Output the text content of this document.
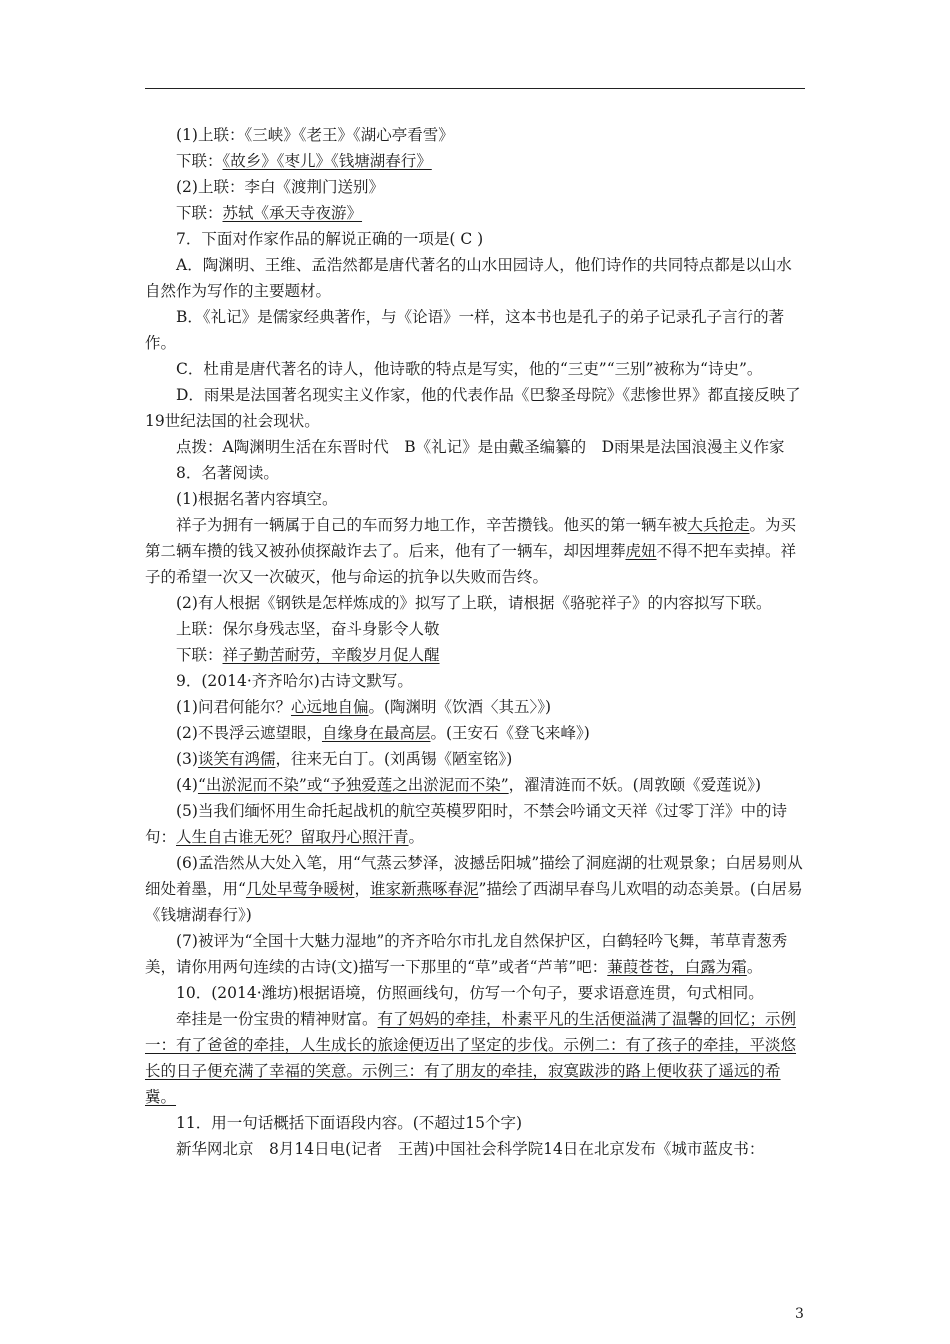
(1)上联：《三峡》《老王》《湖心亭看雪》

下联：《故乡》《枣儿》《钱塘湖春行》

(2)上联：李白《渡荆门送别》

下联：苏轼《承天寺夜游》

7．下面对作家作品的解说正确的一项是( C )

A．陶渊明、王维、孟浩然都是唐代著名的山水田园诗人，他们诗作的共同特点都是以山水自然作为写作的主要题材。

B．《礼记》是儒家经典著作，与《论语》一样，这本书也是孔子的弟子记录孔子言行的著作。

C．杜甫是唐代著名的诗人，他诗歌的特点是写实，他的“三吏”“三别”被称为“诗史”。

D．雨果是法国著名现实主义作家，他的代表作品《巴黎圣母院》《悲惨世界》都直接反映了19世纪法国的社会现状。

点拨：A陶渊明生活在东晋时代　B《礼记》是由戴圣编纂的　D雨果是法国浪漫主义作家

8．名著阅读。

(1)根据名著内容填空。

祥子为拥有一辆属于自己的车而努力地工作，辛苦攒钱。他买的第一辆车被大兵抢走。为买第二辆车攒的钱又被孙侦探敲诈去了。后来，他有了一辆车，却因埋葬虎妞不得不把车卖掉。祥子的希望一次又一次破灭，他与命运的抗争以失败而告终。

(2)有人根据《钢铁是怎样炼成的》拟写了上联，请根据《骆驼祥子》的内容拟写下联。

上联：保尔身残志坚，奋斗身影令人敬

下联：祥子勤苦耐劳，辛酸岁月促人醒

9．(2014·齐齐哈尔)古诗文默写。

(1)问君何能尔？心远地自偏。(陶渊明《饮酒〈其五〉》)

(2)不畏浮云遮望眼，自缘身在最高层。(王安石《登飞来峰》)

(3)谈笑有鸿儒，往来无白丁。(刘禹锡《陋室铭》)

(4)“出淤泥而不染”或“予独爱莲之出淤泥而不染”，濯清涟而不妖。(周敦颐《爱莲说》)

(5)当我们缅怀用生命托起战机的航空英模罗阳时，不禁会吟诵文天祥《过零丁洋》中的诗句：人生自古谁无死？留取丹心照汗青。

(6)孟浩然从大处入笔，用“气蒸云梦泽，波撼岳阳城”描绘了洞庭湖的壮观景象；白居易则从细处着墨，用“几处早莺争暖树，谁家新燕啄春泥”描绘了西湖早春鸟儿欢唱的动态美景。(白居易《钱塘湖春行》)

(7)被评为“全国十大魅力湿地”的齐齐哈尔市扎龙自然保护区，白鹤轻吟飞舞，苇草青葱秀美，请你用两句连续的古诗(文)描写一下那里的“草”或者“芦苇”吧：蒹葭苍苍，白露为霜。

10．(2014·潍坊)根据语境，仿照画线句，仿写一个句子，要求语意连贯，句式相同。

牵挂是一份宝贵的精神财富。有了妈妈的牵挂，朴素平凡的生活便溢满了温馨的回忆；示例一：有了爸爸的牵挂，人生成长的旅途便迈出了坚定的步伐。示例二：有了孩子的牵挂，平淡悠长的日子便充满了幸福的笑意。示例三：有了朋友的牵挂，寂寞跋涉的路上便收获了遥远的希冀。

11．用一句话概括下面语段内容。(不超过15个字)

新华网北京　8月14日电(记者　王茜)中国社会科学院14日在北京发布《城市蓝皮书：

3
